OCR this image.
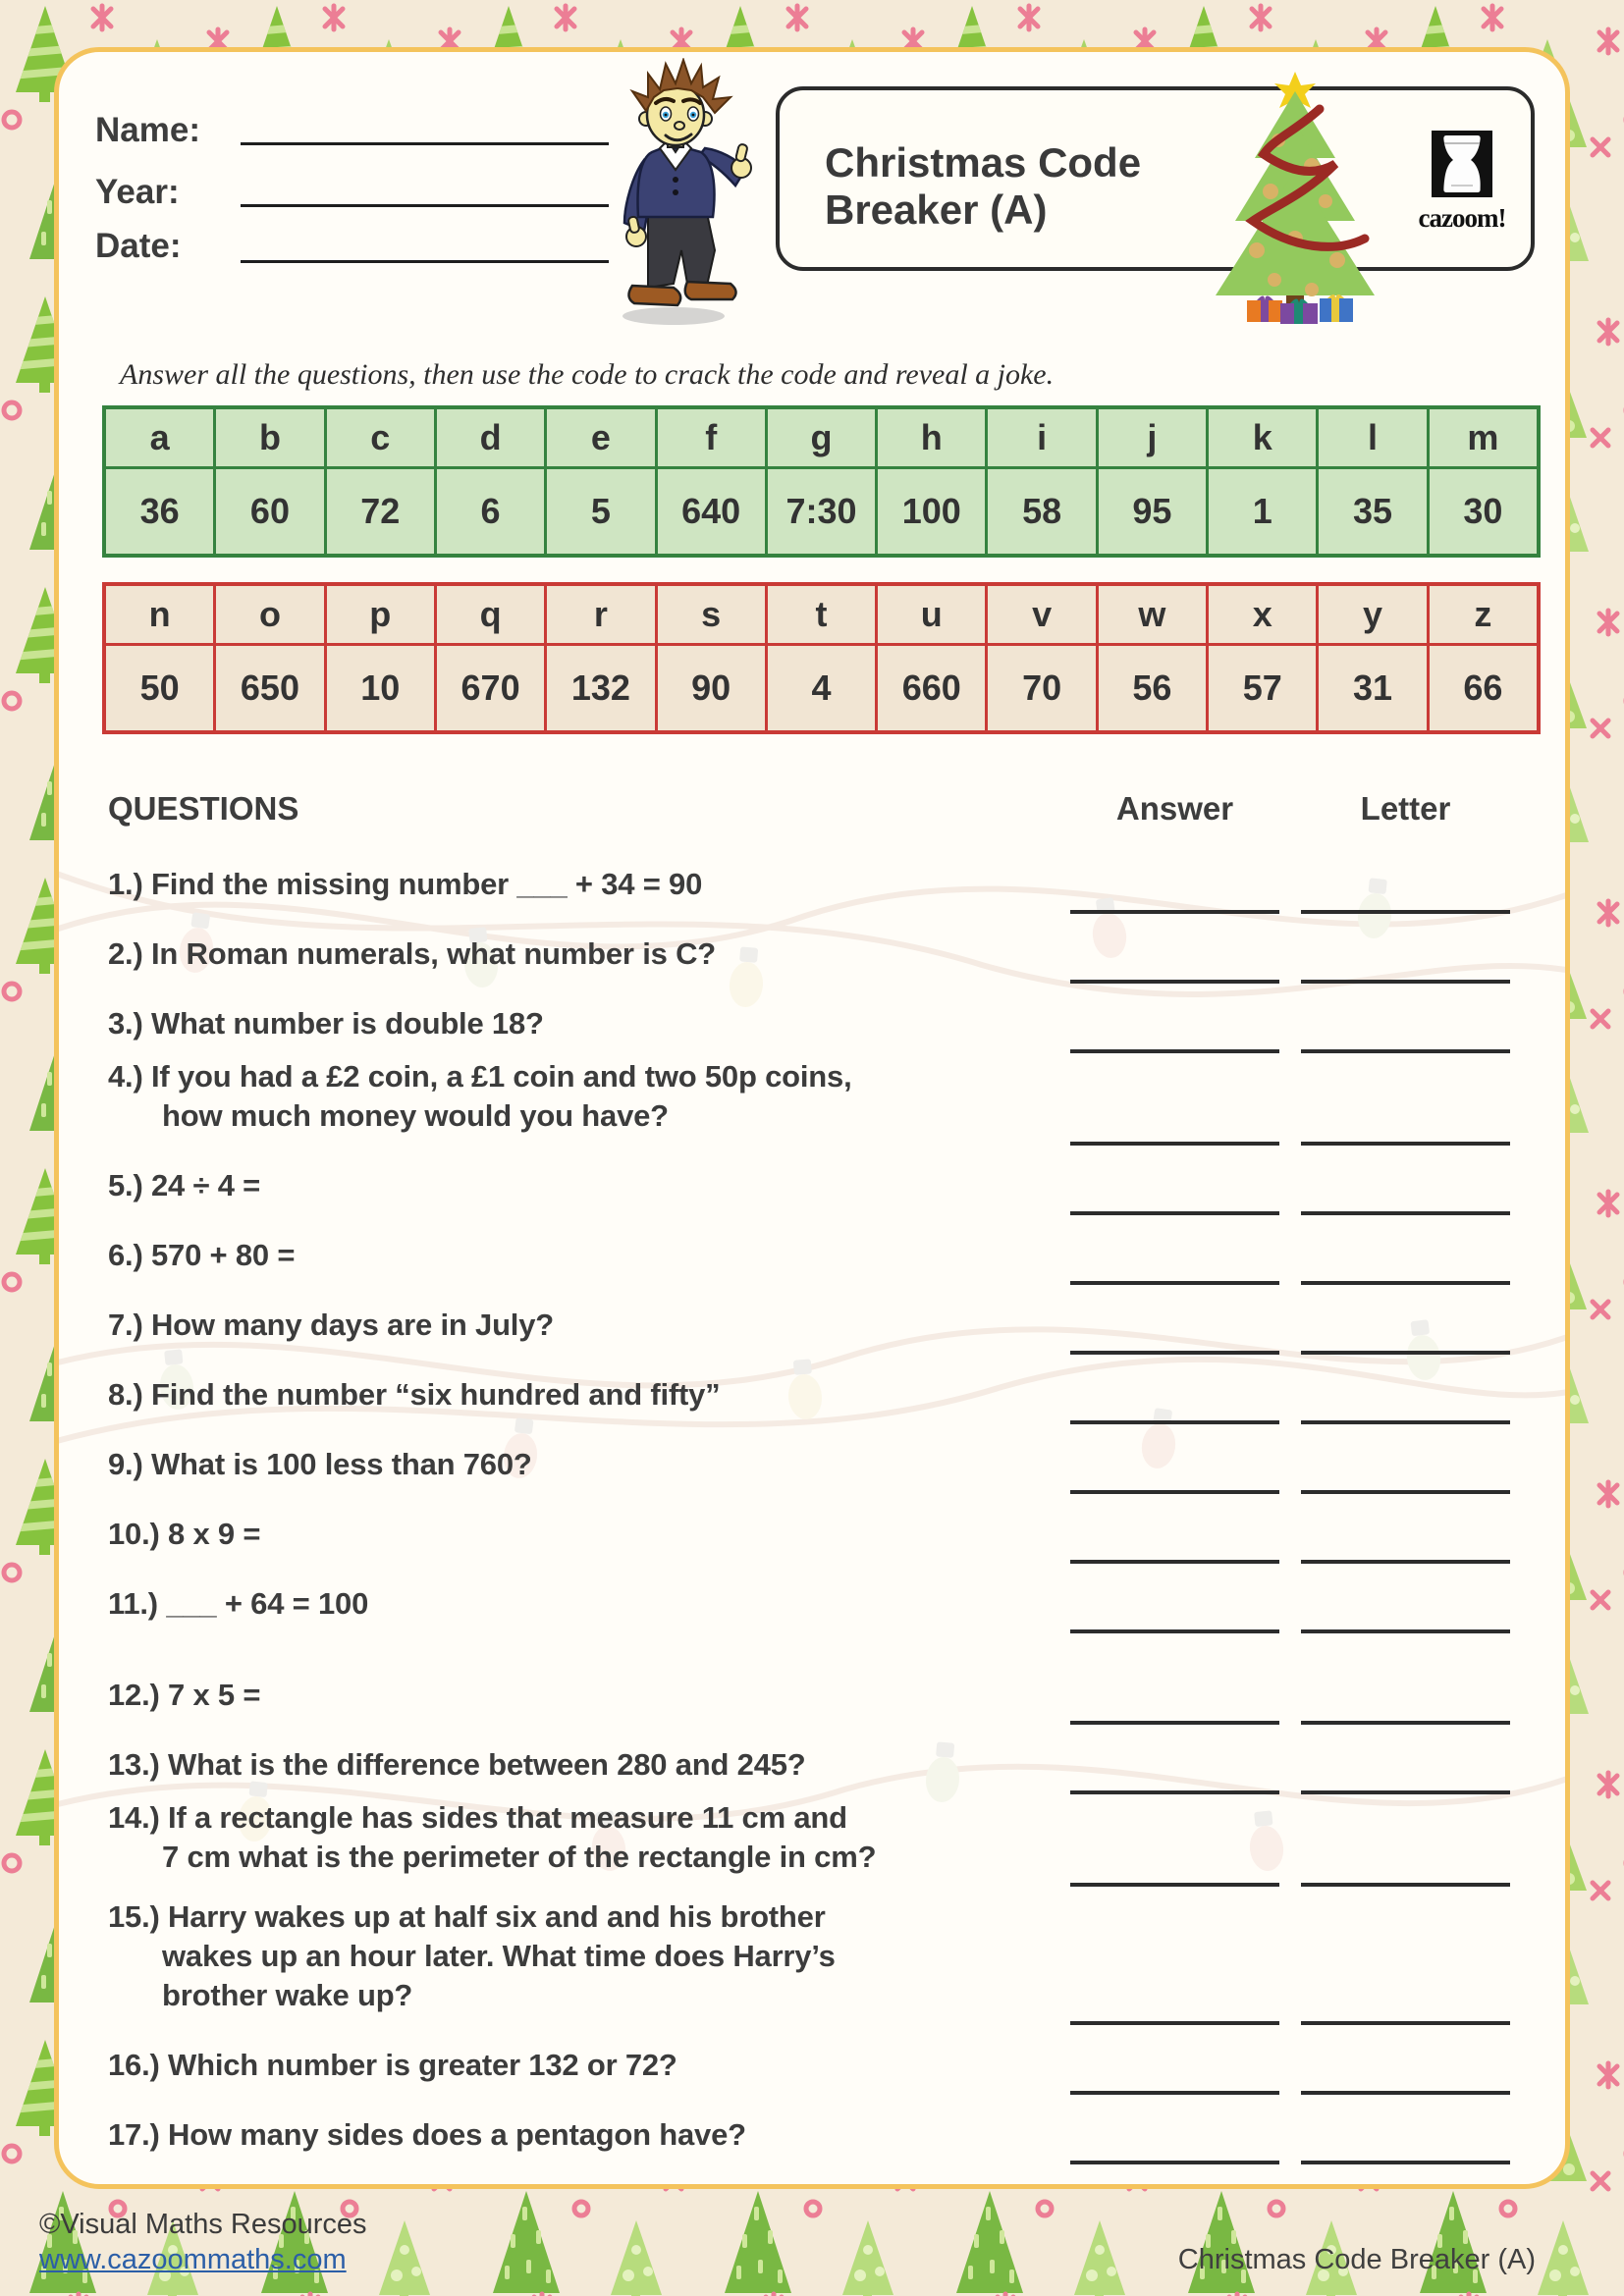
Name:
Year:
Date:
Christmas Code
Breaker (A)	cazoom!
Answer all the questions, then use the code to crack the code and reveal a joke.
a	b	c	d	e	f	g	h	i	j	k	l	m
36	60	72	6	5	640	7:30	100	58	95	1	35	30
n	o	p	q	r	s	t	u	v	w	x	y	z
50	650	10	670	132	90	4	660	70	56	57	31	66
QUESTIONS	Answer	Letter
1.) Find the missing number ___ + 34 = 90
2.) In Roman numerals, what number is C?
3.) What number is double 18?
4.) If you had a £2 coin, a £1 coin and two 50p coins,
how much money would you have?
5.) 24 ÷ 4 =
6.) 570 + 80 =
7.) How many days are in July?
8.) Find the number “six hundred and fifty”
9.) What is 100 less than 760?
10.) 8 x 9 =
11.) ___ + 64 = 100
12.) 7 x 5 =
13.) What is the difference between 280 and 245?
14.) If a rectangle has sides that measure 11 cm and
7 cm what is the perimeter of the rectangle in cm?
15.) Harry wakes up at half six and and his brother
wakes up an hour later. What time does Harry’s
brother wake up?
16.) Which number is greater 132 or 72?
17.) How many sides does a pentagon have?
©Visual Maths Resources
www.cazoommaths.com	Christmas Code Breaker (A)
